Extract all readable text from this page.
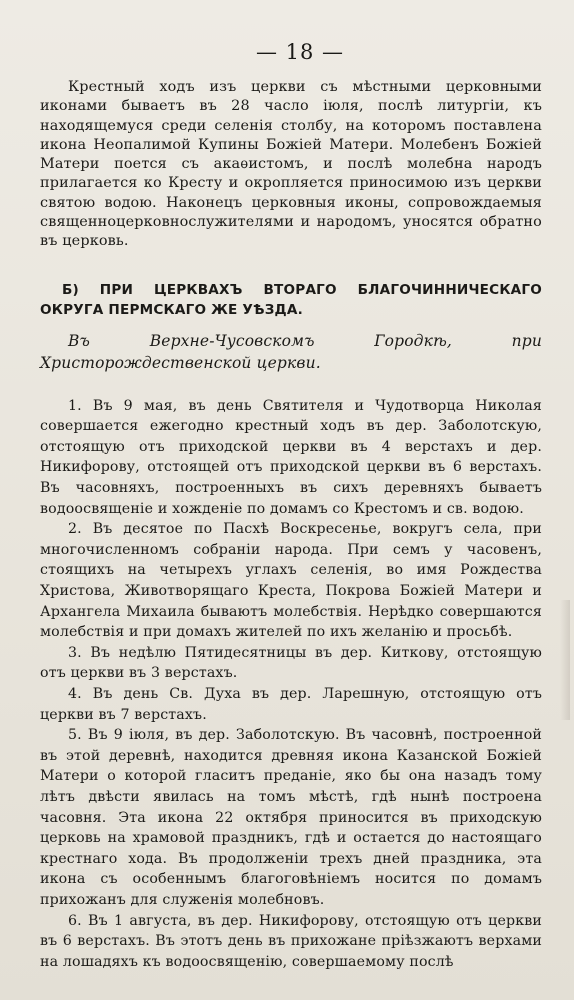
— 18 —

Крестный ходъ изъ церкви съ мѣстными церковными иконами бываетъ въ 28 часло іюля, послѣ литургіи, къ находящемуся среди селенія столбу, на которомъ поставлена икона Неопалимой Купины Божіей Матери. Молебенъ Божіей Матери поется съ акаѳистомъ, и послѣ молебна народъ прилагается ко Кресту и окропляется приносимою изъ церкви святою водою. Наконецъ церковныя иконы, сопровождаемыя священноцерковнослужителями и народомъ, уносятся обратно въ церковь.

Б) ПРИ ЦЕРКВАХЪ ВТОРАГО БЛАГОЧИННИЧЕСКАГО ОКРУГА ПЕРМСКАГО ЖЕ УѢЗДА.

Въ Верхне-Чусовскомъ Городкѣ, при Христорождественской церкви.

1. Въ 9 мая, въ день Святителя и Чудотворца Николая совершается ежегодно крестный ходъ въ дер. Заболотскую, отстоящую отъ приходской церкви въ 4 верстахъ и дер. Никифорову, отстоящей отъ приходской церкви въ 6 верстахъ. Въ часовняхъ, построенныхъ въ сихъ деревняхъ бываетъ водоосвященіе и хожденіе по домамъ со Крестомъ и св. водою.

2. Въ десятое по Пасхѣ Воскресенье, вокругъ села, при многочисленномъ собраніи народа. При семъ у часовенъ, стоящихъ на четырехъ углахъ селенія, во имя Рождества Христова, Животворящаго Креста, Покрова Божіей Матери и Архангела Михаила бываютъ молебствія. Нерѣдко совершаются молебствія и при домахъ жителей по ихъ желанію и просьбѣ.

3. Въ недѣлю Пятидесятницы въ дер. Киткову, отстоящую отъ церкви въ 3 верстахъ.

4. Въ день Св. Духа въ дер. Ларешную, отстоящую отъ церкви въ 7 верстахъ.

5. Въ 9 іюля, въ дер. Заболотскую. Въ часовнѣ, построенной въ этой деревнѣ, находится древняя икона Казанской Божіей Матери о которой гласитъ преданіе, яко бы она назадъ тому лѣтъ двѣсти явилась на томъ мѣстѣ, гдѣ нынѣ построена часовня. Эта икона 22 октября приносится въ приходскую церковь на храмовой праздникъ, гдѣ и остается до настоящаго крестнаго хода. Въ продолженіи трехъ дней праздника, эта икона съ особеннымъ благоговѣніемъ носится по домамъ прихожанъ для служенія молебновъ.

6. Въ 1 августа, въ дер. Никифорову, отстоящую отъ церкви въ 6 верстахъ. Въ этотъ день въ прихожане пріѣзжаютъ верхами на лошадяхъ къ водоосвященію, совершаемому послѣ
